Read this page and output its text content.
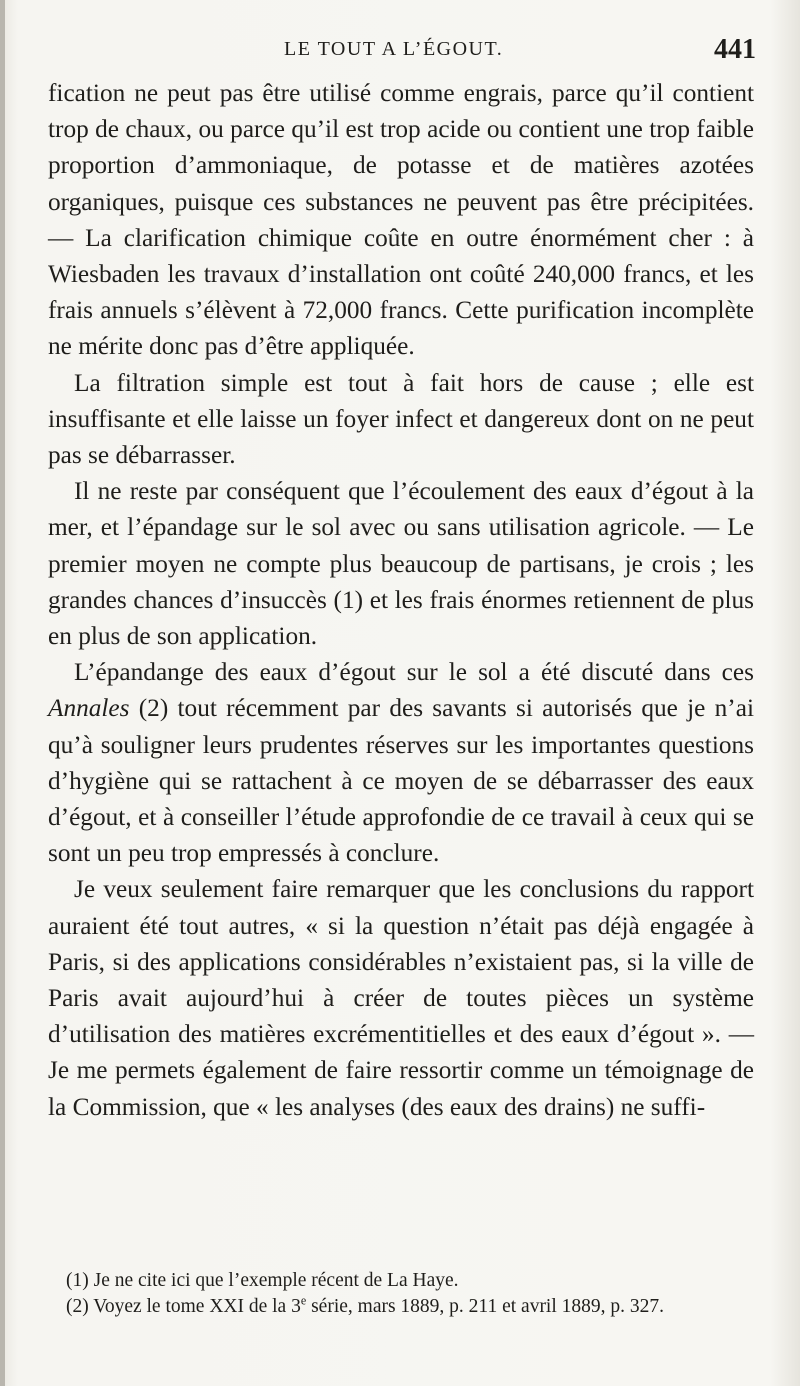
LE TOUT A L’ÉGOUT.	441

fication ne peut pas être utilisé comme engrais, parce qu’il contient trop de chaux, ou parce qu’il est trop acide ou contient une trop faible proportion d’ammoniaque, de potasse et de matières azotées organiques, puisque ces substances ne peuvent pas être précipitées. — La clarification chimique coûte en outre énormément cher : à Wiesbaden les travaux d’installation ont coûté 240,000 francs, et les frais annuels s’élèvent à 72,000 francs. Cette purification incomplète ne mérite donc pas d’être appliquée.

La filtration simple est tout à fait hors de cause ; elle est insuffisante et elle laisse un foyer infect et dangereux dont on ne peut pas se débarrasser.

Il ne reste par conséquent que l’écoulement des eaux d’égout à la mer, et l’épandage sur le sol avec ou sans utilisation agricole. — Le premier moyen ne compte plus beaucoup de partisans, je crois ; les grandes chances d’insuccès (1) et les frais énormes retiennent de plus en plus de son application.

L’épandange des eaux d’égout sur le sol a été discuté dans ces Annales (2) tout récemment par des savants si autorisés que je n’ai qu’à souligner leurs prudentes réserves sur les importantes questions d’hygiène qui se rattachent à ce moyen de se débarrasser des eaux d’égout, et à conseiller l’étude approfondie de ce travail à ceux qui se sont un peu trop empressés à conclure.

Je veux seulement faire remarquer que les conclusions du rapport auraient été tout autres, « si la question n’était pas déjà engagée à Paris, si des applications considérables n’existaient pas, si la ville de Paris avait aujourd’hui à créer de toutes pièces un système d’utilisation des matières excrémentitielles et des eaux d’égout ». — Je me permets également de faire ressortir comme un témoignage de la Commission, que « les analyses (des eaux des drains) ne suffi-

(1) Je ne cite ici que l’exemple récent de La Haye.

(2) Voyez le tome XXI de la 3e série, mars 1889, p. 211 et avril 1889, p. 327.
